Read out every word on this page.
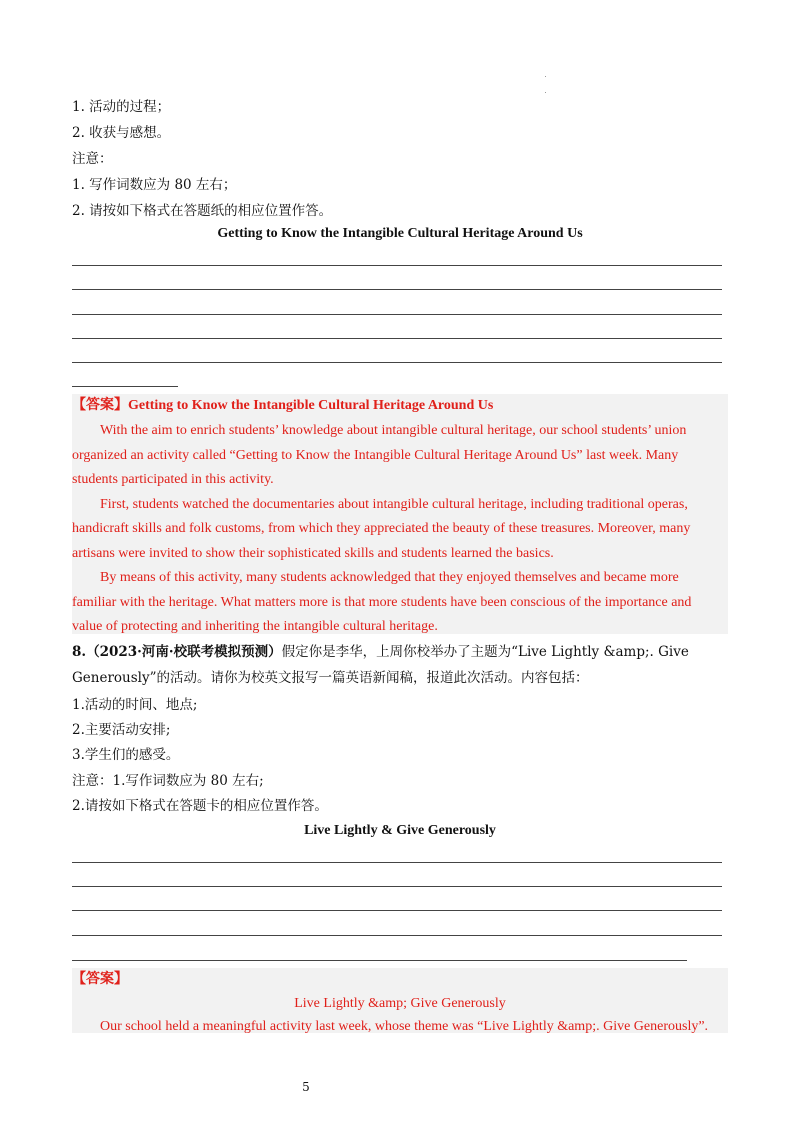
1. 活动的过程；
2. 收获与感想。
注意：
1. 写作词数应为 80 左右；
2. 请按如下格式在答题纸的相应位置作答。
Getting to Know the Intangible Cultural Heritage Around Us
【答案】Getting to Know the Intangible Cultural Heritage Around Us

With the aim to enrich students’ knowledge about intangible cultural heritage, our school students’ union organized an activity called “Getting to Know the Intangible Cultural Heritage Around Us” last week. Many students participated in this activity.

First, students watched the documentaries about intangible cultural heritage, including traditional operas, handicraft skills and folk customs, from which they appreciated the beauty of these treasures. Moreover, many artisans were invited to show their sophisticated skills and students learned the basics.

By means of this activity, many students acknowledged that they enjoyed themselves and became more familiar with the heritage. What matters more is that more students have been conscious of the importance and value of protecting and inheriting the intangible cultural heritage.

8.（2023·河南·校联考模拟预测）假定你是李华，上周你校举办了主题为“Live Lightly &amp;. Give Generously”的活动。请你为校英文报写一篇英语新闻稿，报道此次活动。内容包括：
1.活动的时间、地点;
2.主要活动安排;
3.学生们的感受。
注意：1.写作词数应为 80 左右;
2.请按如下格式在答题卡的相应位置作答。
Live Lightly & Give Generously
【答案】
Live Lightly &amp; Give Generously
Our school held a meaningful activity last week, whose theme was “Live Lightly &amp;. Give Generously”.
5
